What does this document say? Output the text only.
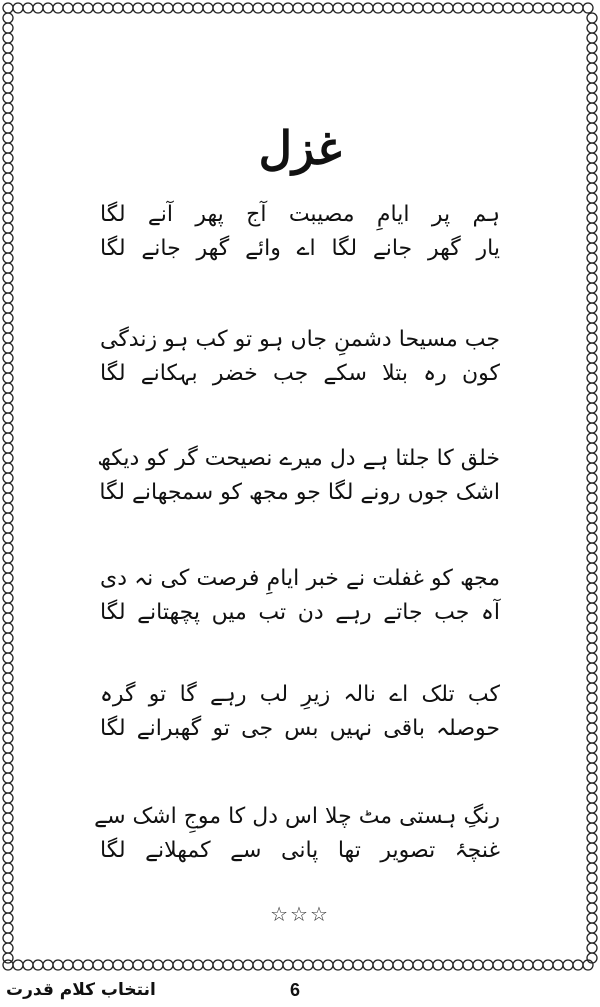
غزل
ہم پر ایامِ مصیبت آج پھر آنے لگا
یار گھر جانے لگا اے وائے گھر جانے لگا
جب مسیحا دشمنِ جاں ہو تو کب ہو زندگی
کون رہ بتلا سکے جب خضر بہکانے لگا
خلق کا جلتا ہے دل میرے نصیحت گر کو دیکھ
اشک جوں رونے لگا جو مجھ کو سمجھانے لگا
مجھ کو غفلت نے خبر ایامِ فرصت کی نہ دی
آہ جب جاتے رہے دن تب میں پچھتانے لگا
کب تلک اے نالہ زیرِ لب رہے گا تو گرہ
حوصلہ باقی نہیں بس جی تو گھبرانے لگا
رنگِ ہستی مٹ چلا اس دل کا موجِ اشک سے
غنچۂ تصویر تھا پانی سے کمھلانے لگا
☆☆☆
انتخاب کلام قدرت	6
